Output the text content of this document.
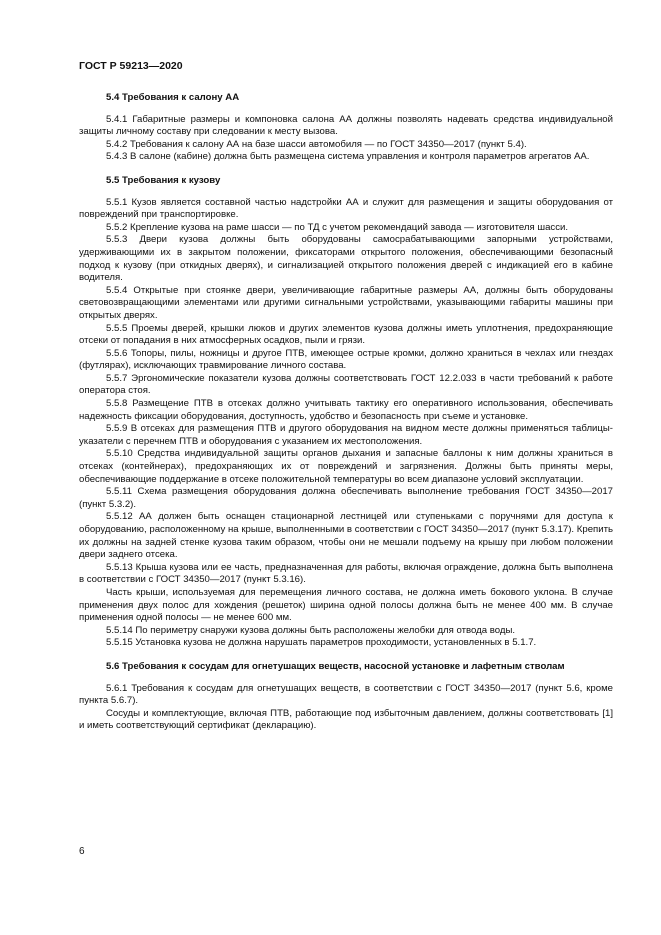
ГОСТ Р 59213—2020

5.4 Требования к салону АА

5.4.1 Габаритные размеры и компоновка салона АА должны позволять надевать средства индивидуальной защиты личному составу при следовании к месту вызова.

5.4.2 Требования к салону АА на базе шасси автомобиля — по ГОСТ 34350—2017 (пункт 5.4).

5.4.3 В салоне (кабине) должна быть размещена система управления и контроля параметров агрегатов АА.

5.5 Требования к кузову

5.5.1 Кузов является составной частью надстройки АА и служит для размещения и защиты оборудования от повреждений при транспортировке.

5.5.2 Крепление кузова на раме шасси — по ТД с учетом рекомендаций завода — изготовителя шасси.

5.5.3 Двери кузова должны быть оборудованы самосрабатывающими запорными устройствами, удерживающими их в закрытом положении, фиксаторами открытого положения, обеспечивающими безопасный подход к кузову (при откидных дверях), и сигнализацией открытого положения дверей с индикацией его в кабине водителя.

5.5.4 Открытые при стоянке двери, увеличивающие габаритные размеры АА, должны быть оборудованы световозвращающими элементами или другими сигнальными устройствами, указывающими габариты машины при открытых дверях.

5.5.5 Проемы дверей, крышки люков и других элементов кузова должны иметь уплотнения, предохраняющие отсеки от попадания в них атмосферных осадков, пыли и грязи.

5.5.6 Топоры, пилы, ножницы и другое ПТВ, имеющее острые кромки, должно храниться в чехлах или гнездах (футлярах), исключающих травмирование личного состава.

5.5.7 Эргономические показатели кузова должны соответствовать ГОСТ 12.2.033 в части требований к работе оператора стоя.

5.5.8 Размещение ПТВ в отсеках должно учитывать тактику его оперативного использования, обеспечивать надежность фиксации оборудования, доступность, удобство и безопасность при съеме и установке.

5.5.9 В отсеках для размещения ПТВ и другого оборудования на видном месте должны применяться таблицы-указатели с перечнем ПТВ и оборудования с указанием их местоположения.

5.5.10 Средства индивидуальной защиты органов дыхания и запасные баллоны к ним должны храниться в отсеках (контейнерах), предохраняющих их от повреждений и загрязнения. Должны быть приняты меры, обеспечивающие поддержание в отсеке положительной температуры во всем диапазоне условий эксплуатации.

5.5.11 Схема размещения оборудования должна обеспечивать выполнение требования ГОСТ 34350—2017 (пункт 5.3.2).

5.5.12 АА должен быть оснащен стационарной лестницей или ступеньками с поручнями для доступа к оборудованию, расположенному на крыше, выполненными в соответствии с ГОСТ 34350—2017 (пункт 5.3.17). Крепить их должны на задней стенке кузова таким образом, чтобы они не мешали подъему на крышу при любом положении двери заднего отсека.

5.5.13 Крыша кузова или ее часть, предназначенная для работы, включая ограждение, должна быть выполнена в соответствии с ГОСТ 34350—2017 (пункт 5.3.16).

Часть крыши, используемая для перемещения личного состава, не должна иметь бокового уклона. В случае применения двух полос для хождения (решеток) ширина одной полосы должна быть не менее 400 мм. В случае применения одной полосы — не менее 600 мм.

5.5.14 По периметру снаружи кузова должны быть расположены желобки для отвода воды.

5.5.15 Установка кузова не должна нарушать параметров проходимости, установленных в 5.1.7.

5.6 Требования к сосудам для огнетушащих веществ, насосной установке и лафетным стволам

5.6.1 Требования к сосудам для огнетушащих веществ, в соответствии с ГОСТ 34350—2017 (пункт 5.6, кроме пункта 5.6.7).

Сосуды и комплектующие, включая ПТВ, работающие под избыточным давлением, должны соответствовать [1] и иметь соответствующий сертификат (декларацию).

6
